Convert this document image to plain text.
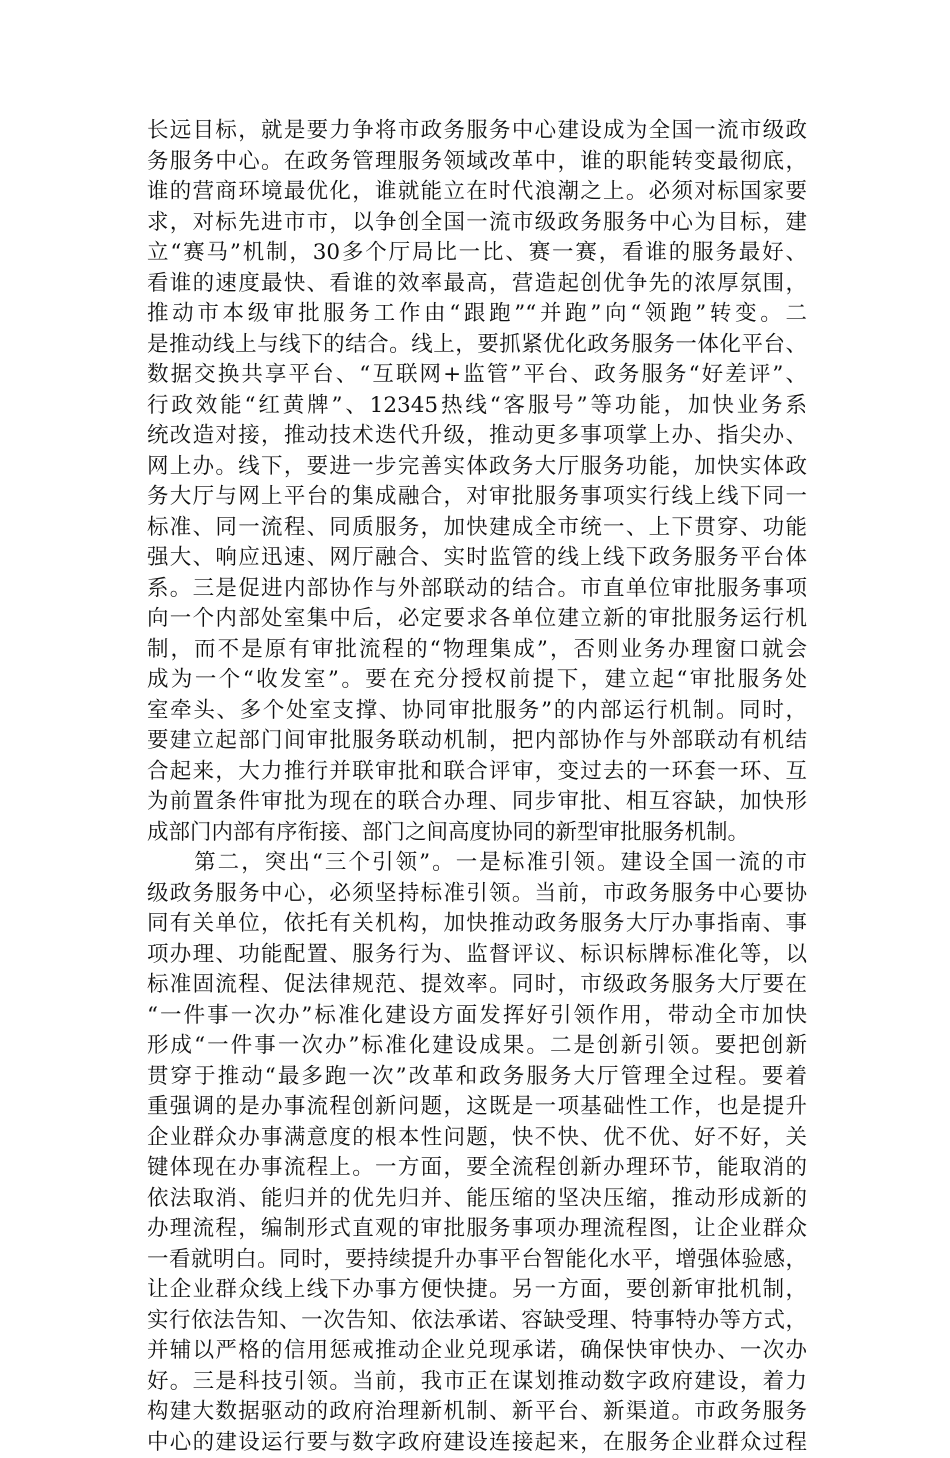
长远目标，就是要力争将市政务服务中心建设成为全国一流市级政
务服务中心。在政务管理服务领域改革中，谁的职能转变最彻底，
谁的营商环境最优化，谁就能立在时代浪潮之上。必须对标国家要
求，对标先进市市，以争创全国一流市级政务服务中心为目标，建
立“赛马”机制，30多个厅局比一比、赛一赛，看谁的服务最好、
看谁的速度最快、看谁的效率最高，营造起创优争先的浓厚氛围，
推动市本级审批服务工作由“跟跑”“并跑”向“领跑”转变。二
是推动线上与线下的结合。线上，要抓紧优化政务服务一体化平台、
数据交换共享平台、“互联网+监管”平台、政务服务“好差评”、
行政效能“红黄牌”、12345热线“客服号”等功能，加快业务系
统改造对接，推动技术迭代升级，推动更多事项掌上办、指尖办、
网上办。线下，要进一步完善实体政务大厅服务功能，加快实体政
务大厅与网上平台的集成融合，对审批服务事项实行线上线下同一
标准、同一流程、同质服务，加快建成全市统一、上下贯穿、功能
强大、响应迅速、网厅融合、实时监管的线上线下政务服务平台体
系。三是促进内部协作与外部联动的结合。市直单位审批服务事项
向一个内部处室集中后，必定要求各单位建立新的审批服务运行机
制，而不是原有审批流程的“物理集成”，否则业务办理窗口就会
成为一个“收发室”。要在充分授权前提下，建立起“审批服务处
室牵头、多个处室支撑、协同审批服务”的内部运行机制。同时，
要建立起部门间审批服务联动机制，把内部协作与外部联动有机结
合起来，大力推行并联审批和联合评审，变过去的一环套一环、互
为前置条件审批为现在的联合办理、同步审批、相互容缺，加快形
成部门内部有序衔接、部门之间高度协同的新型审批服务机制。
　　第二，突出“三个引领”。一是标准引领。建设全国一流的市
级政务服务中心，必须坚持标准引领。当前，市政务服务中心要协
同有关单位，依托有关机构，加快推动政务服务大厅办事指南、事
项办理、功能配置、服务行为、监督评议、标识标牌标准化等，以
标准固流程、促法律规范、提效率。同时，市级政务服务大厅要在
“一件事一次办”标准化建设方面发挥好引领作用，带动全市加快
形成“一件事一次办”标准化建设成果。二是创新引领。要把创新
贯穿于推动“最多跑一次”改革和政务服务大厅管理全过程。要着
重强调的是办事流程创新问题，这既是一项基础性工作，也是提升
企业群众办事满意度的根本性问题，快不快、优不优、好不好，关
键体现在办事流程上。一方面，要全流程创新办理环节，能取消的
依法取消、能归并的优先归并、能压缩的坚决压缩，推动形成新的
办理流程，编制形式直观的审批服务事项办理流程图，让企业群众
一看就明白。同时，要持续提升办事平台智能化水平，增强体验感，
让企业群众线上线下办事方便快捷。另一方面，要创新审批机制，
实行依法告知、一次告知、依法承诺、容缺受理、特事特办等方式，
并辅以严格的信用惩戒推动企业兑现承诺，确保快审快办、一次办
好。三是科技引领。当前，我市正在谋划推动数字政府建设，着力
构建大数据驱动的政府治理新机制、新平台、新渠道。市政务服务
中心的建设运行要与数字政府建设连接起来，在服务企业群众过程
